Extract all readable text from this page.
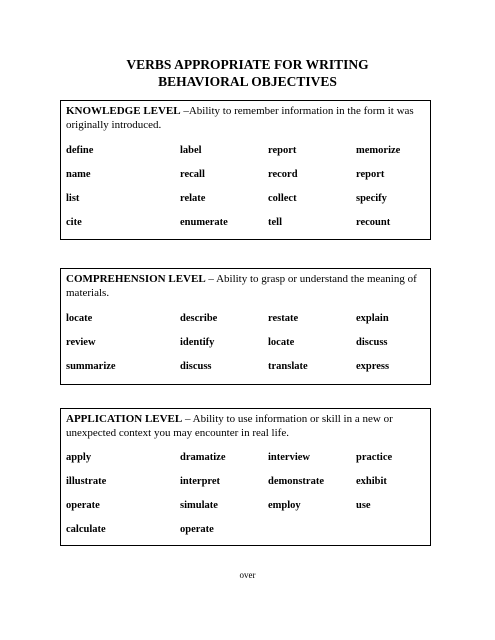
VERBS APPROPRIATE FOR WRITING
BEHAVIORAL OBJECTIVES
KNOWLEDGE LEVEL –Ability to remember information in the form it was originally introduced.
define	label	report	memorize
name	recall	record	report
list	relate	collect	specify
cite	enumerate	tell	recount
COMPREHENSION LEVEL – Ability to grasp or understand the meaning of materials.
locate	describe	restate	explain
review	identify	locate	discuss
summarize	discuss	translate	express
APPLICATION LEVEL – Ability to use information or skill in a new or unexpected context you may encounter in real life.
apply	dramatize	interview	practice
illustrate	interpret	demonstrate	exhibit
operate	simulate	employ	use
calculate	operate
over
